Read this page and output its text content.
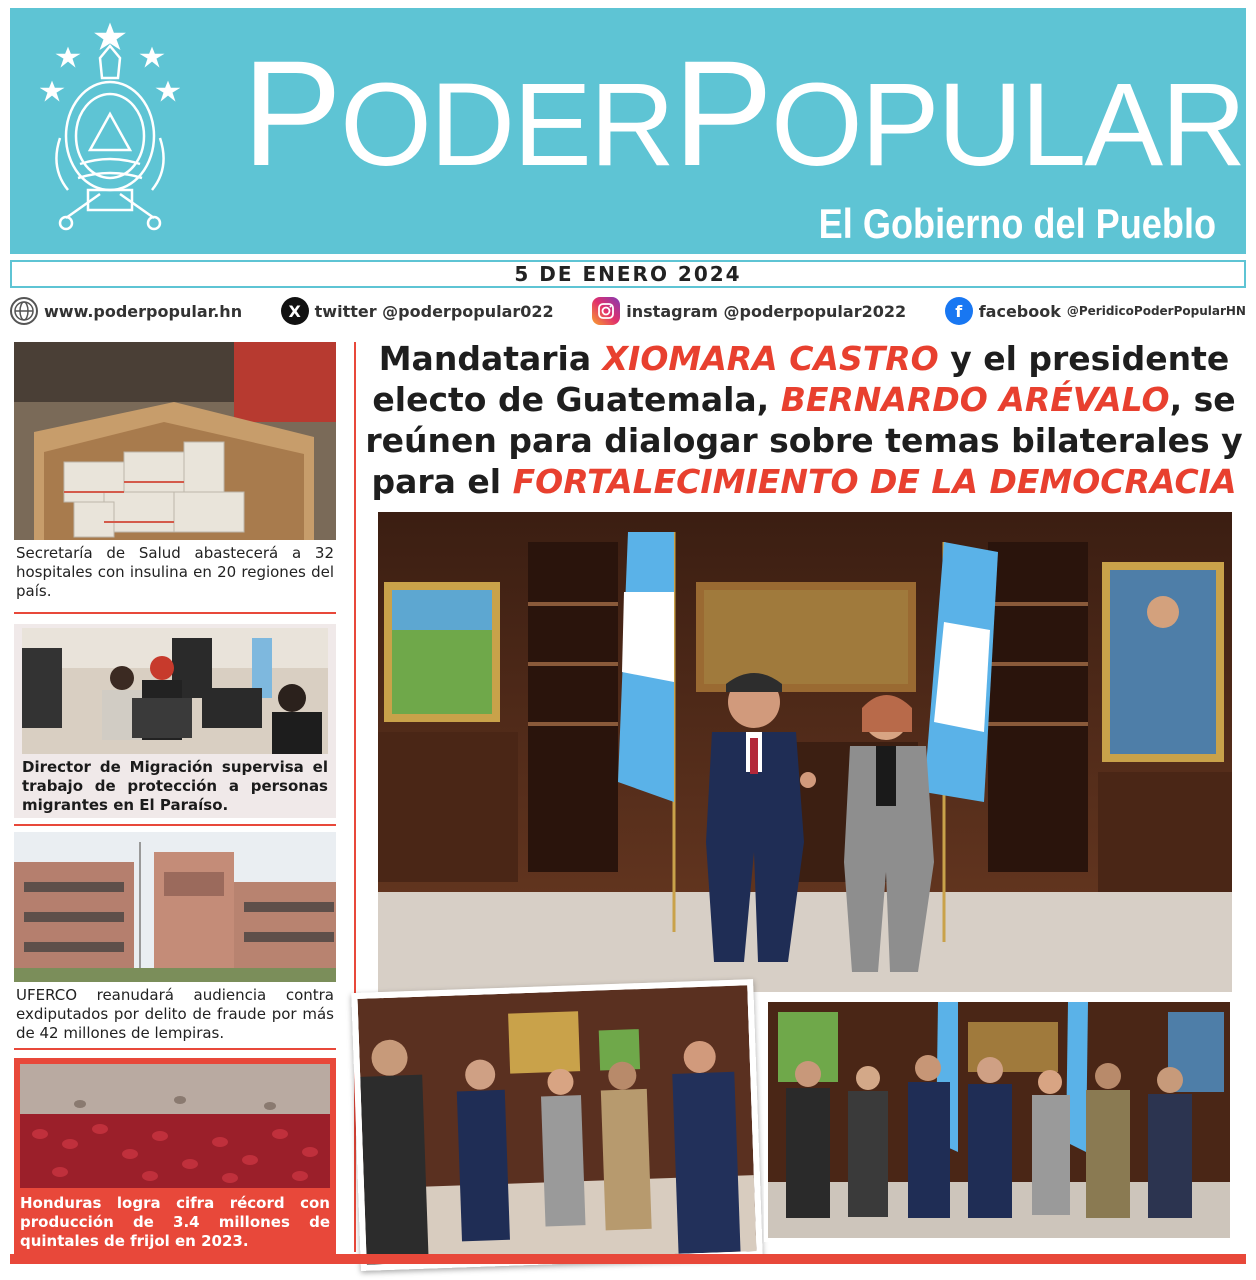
PODERPOPULAR
El Gobierno del Pueblo
5 DE ENERO 2024
www.poderpopular.hn	X twitter @poderpopular022	instagram @poderpopular2022	f	facebook @PeridicoPoderPopularHN
Secretaría de Salud abastecerá a 32 hospitales con insulina en 20 regiones del país.
Director de Migración supervisa el trabajo de protección a personas migrantes en El Paraíso.
UFERCO reanudará audiencia contra exdiputados por delito de fraude por más de 42 millones de lempiras.
Honduras logra cifra récord con producción de 3.4 millones de quintales de frijol en 2023.
Mandataria XIOMARA CASTRO y el presidente electo de Guatemala, BERNARDO ARÉVALO, se reúnen para dialogar sobre temas bilaterales y para el FORTALECIMIENTO DE LA DEMOCRACIA
